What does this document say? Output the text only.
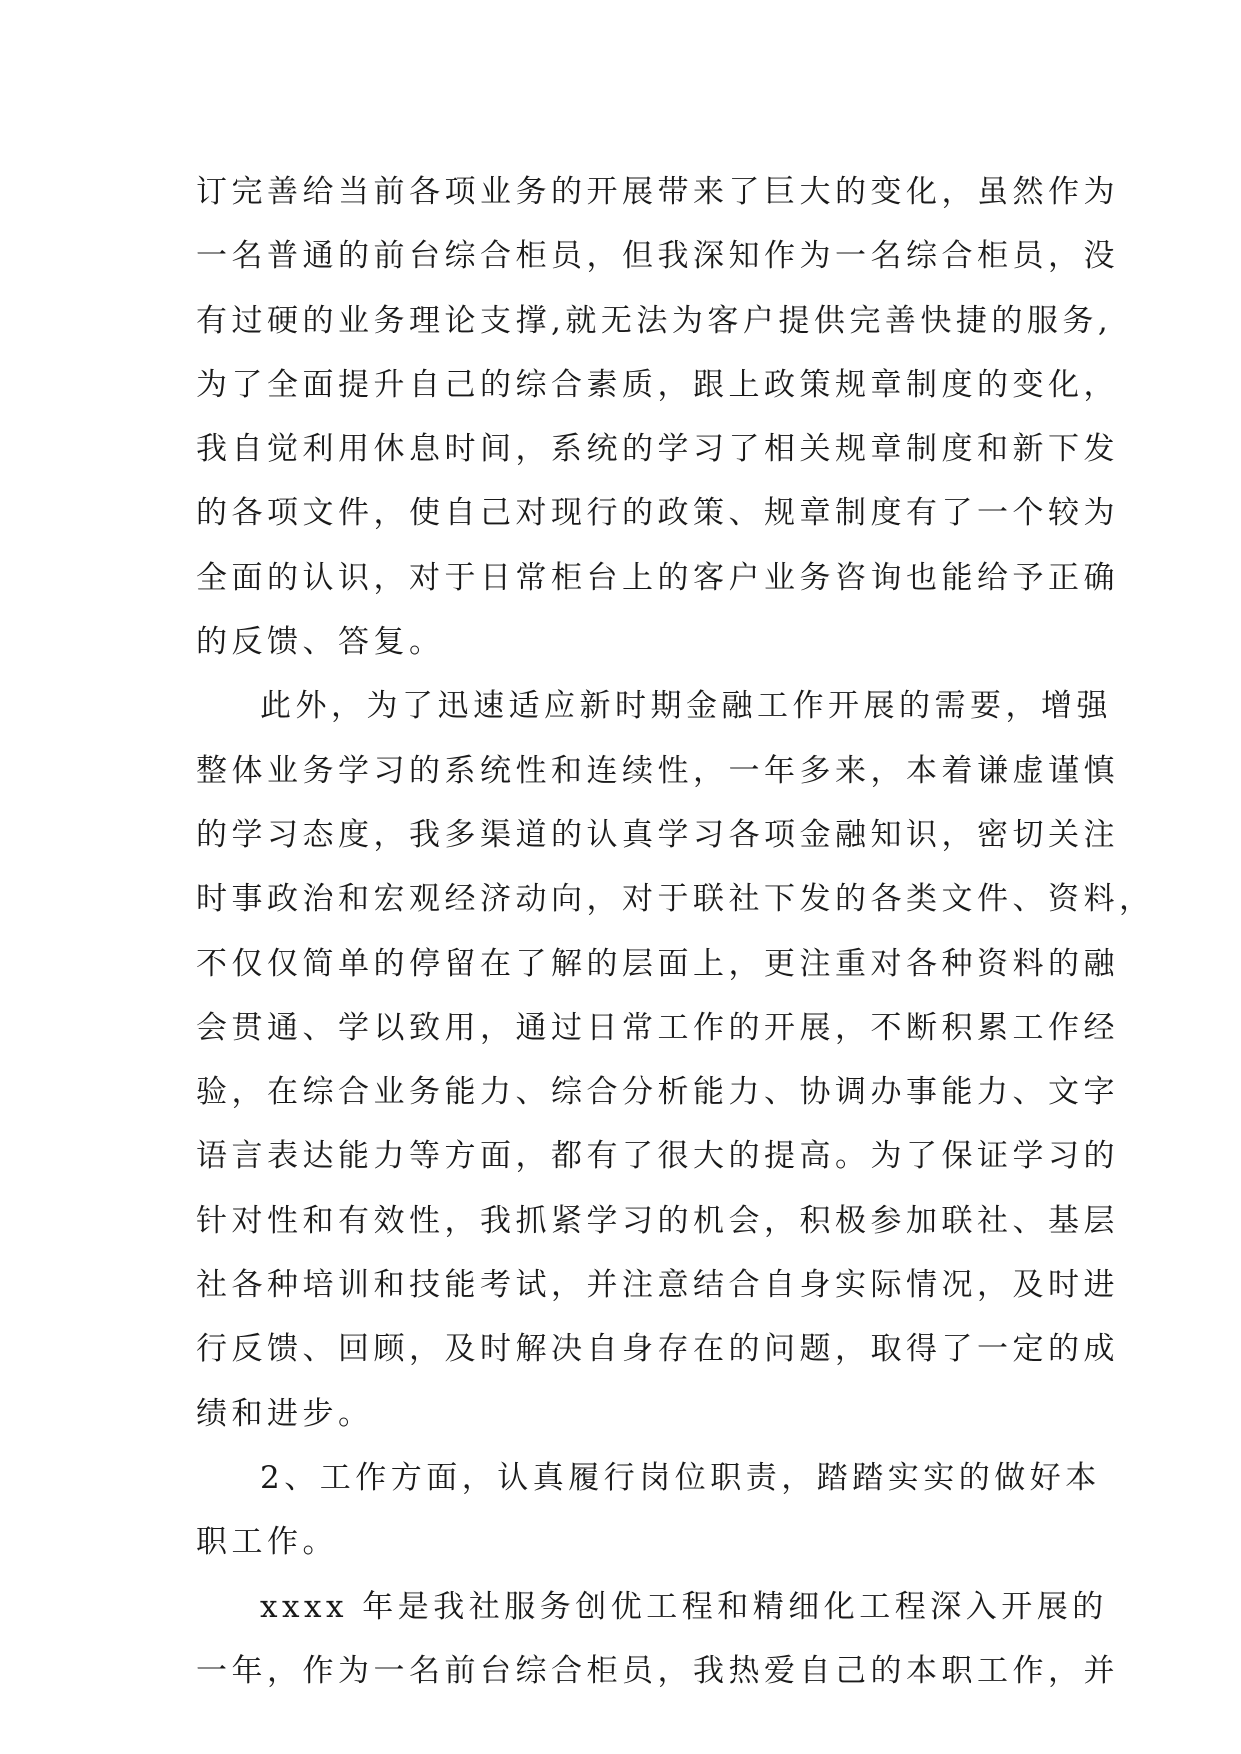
订完善给当前各项业务的开展带来了巨大的变化，虽然作为
一名普通的前台综合柜员，但我深知作为一名综合柜员，没
有过硬的业务理论支撑,就无法为客户提供完善快捷的服务,
为了全面提升自己的综合素质，跟上政策规章制度的变化，
我自觉利用休息时间，系统的学习了相关规章制度和新下发
的各项文件，使自己对现行的政策、规章制度有了一个较为
全面的认识，对于日常柜台上的客户业务咨询也能给予正确
的反馈、答复。
此外，为了迅速适应新时期金融工作开展的需要，增强
整体业务学习的系统性和连续性，一年多来，本着谦虚谨慎
的学习态度，我多渠道的认真学习各项金融知识，密切关注
时事政治和宏观经济动向，对于联社下发的各类文件、资料，
不仅仅简单的停留在了解的层面上，更注重对各种资料的融
会贯通、学以致用，通过日常工作的开展，不断积累工作经
验，在综合业务能力、综合分析能力、协调办事能力、文字
语言表达能力等方面，都有了很大的提高。为了保证学习的
针对性和有效性，我抓紧学习的机会，积极参加联社、基层
社各种培训和技能考试，并注意结合自身实际情况，及时进
行反馈、回顾，及时解决自身存在的问题，取得了一定的成
绩和进步。
2、工作方面，认真履行岗位职责，踏踏实实的做好本
职工作。
xxxx 年是我社服务创优工程和精细化工程深入开展的
一年，作为一名前台综合柜员，我热爱自己的本职工作，并
